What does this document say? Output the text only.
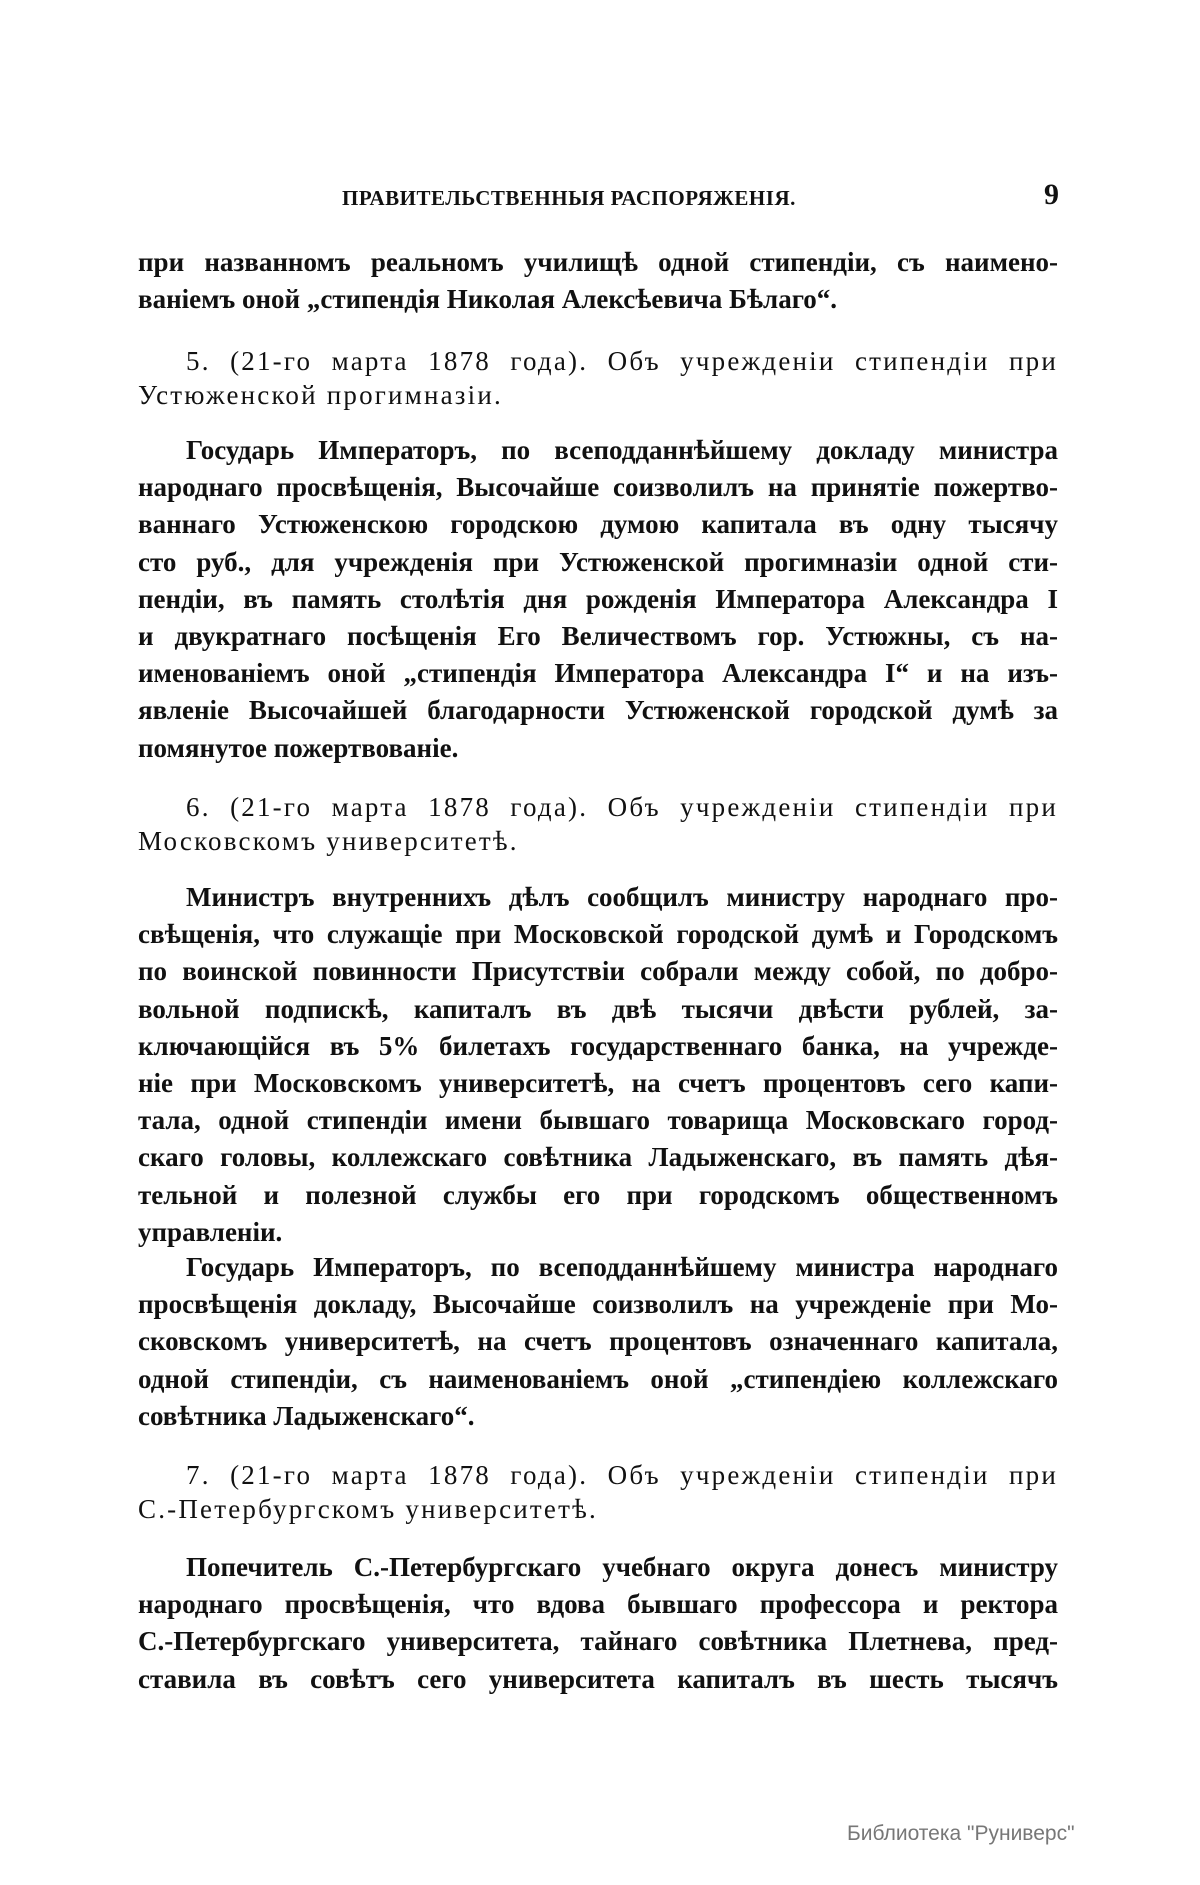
ПРАВИТЕЛЬСТВЕННЫЯ РАСПОРЯЖЕНІЯ.	9
при названномъ реальномъ училищѣ одной стипендіи, съ наимено-
ваніемъ оной „стипендія Николая Алексѣевича Бѣлаго“.
5. (21-го марта 1878 года). Объ учрежденіи стипендіи при
Устюженской прогимназіи.
Государь Императоръ, по всеподданнѣйшему докладу министра
народнаго просвѣщенія, Высочайше соизволилъ на принятіе пожертво-
ваннаго Устюженскою городскою думою капитала въ одну тысячу
сто руб., для учрежденія при Устюженской прогимназіи одной сти-
пендіи, въ память столѣтія дня рожденія Императора Александра I
и двукратнаго посѣщенія Его Величествомъ гор. Устюжны, съ на-
именованіемъ оной „стипендія Императора Александра I“ и на изъ-
явленіе Высочайшей благодарности Устюженской городской думѣ за
помянутое пожертвованіе.
6. (21-го марта 1878 года). Объ учрежденіи стипендіи при
Московскомъ университетѣ.
Министръ внутреннихъ дѣлъ сообщилъ министру народнаго про-
свѣщенія, что служащіе при Московской городской думѣ и Городскомъ
по воинской повинности Присутствіи собрали между собой, по добро-
вольной подпискѣ, капиталъ въ двѣ тысячи двѣсти рублей, за-
ключающійся въ 5% билетахъ государственнаго банка, на учрежде-
ніе при Московскомъ университетѣ, на счетъ процентовъ сего капи-
тала, одной стипендіи имени бывшаго товарища Московскаго город-
скаго головы, коллежскаго совѣтника Ладыженскаго, въ память дѣя-
тельной и полезной службы его при городскомъ общественномъ
управленіи.
Государь Императоръ, по всеподданнѣйшему министра народнаго
просвѣщенія докладу, Высочайше соизволилъ на учрежденіе при Мо-
сковскомъ университетѣ, на счетъ процентовъ означеннаго капитала,
одной стипендіи, съ наименованіемъ оной „стипендіею коллежскаго
совѣтника Ладыженскаго“.
7. (21-го марта 1878 года). Объ учрежденіи стипендіи при
С.-Петербургскомъ университетѣ.
Попечитель С.-Петербургскаго учебнаго округа донесъ министру
народнаго просвѣщенія, что вдова бывшаго профессора и ректора
С.-Петербургскаго университета, тайнаго совѣтника Плетнева, пред-
ставила въ совѣтъ сего университета капиталъ въ шесть тысячъ
Библиотека "Руниверс"
